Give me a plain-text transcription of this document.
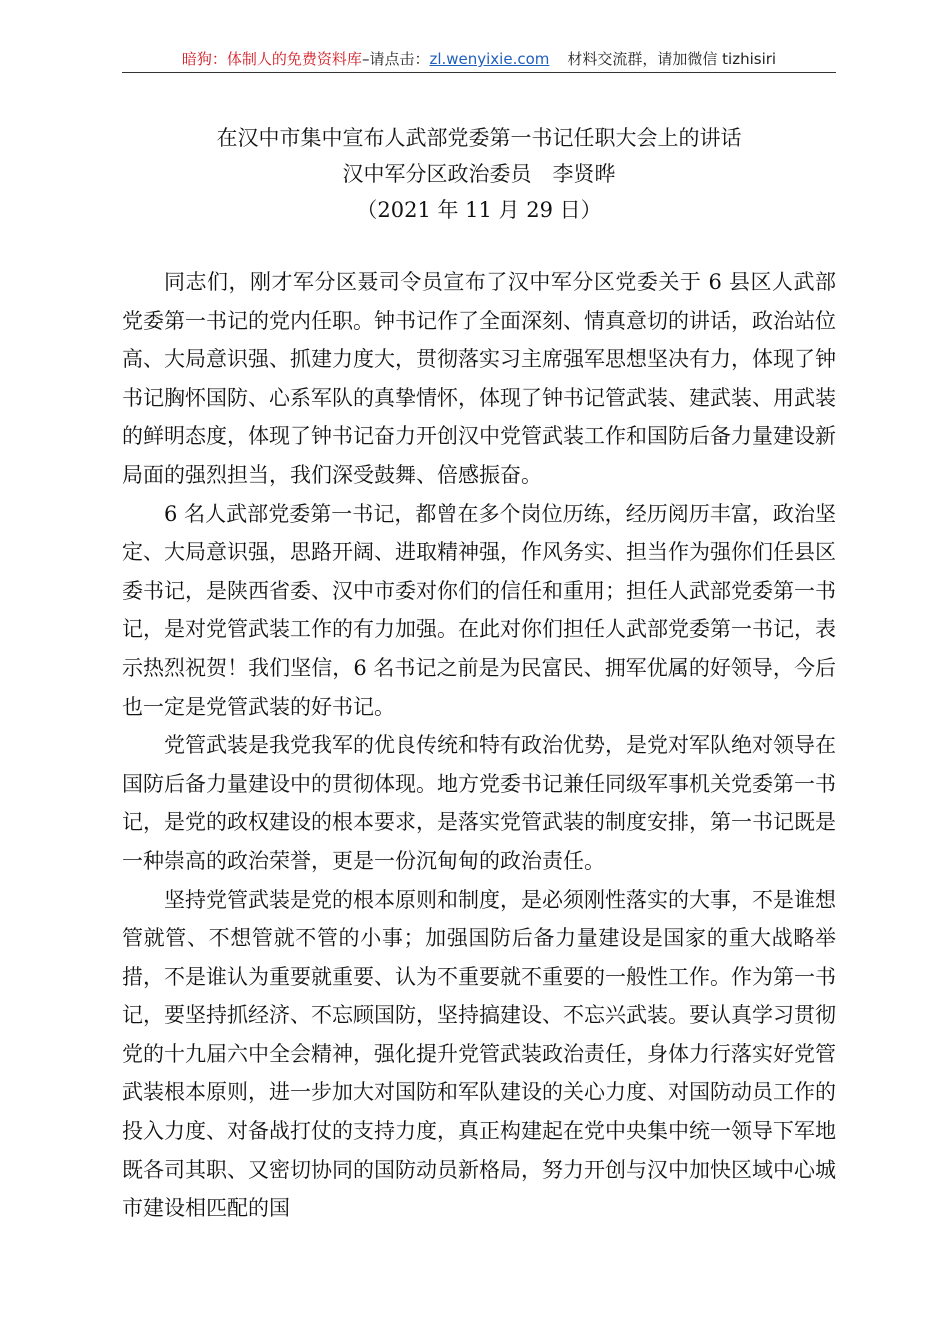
暗狗：体制人的免费资料库–请点击：zl.wenyixie.com 材料交流群，请加微信 tizhisiri
在汉中市集中宣布人武部党委第一书记任职大会上的讲话
汉中军分区政治委员　李贤晔
（2021 年 11 月 29 日）

同志们，刚才军分区聂司令员宣布了汉中军分区党委关于 6 县区人武部党委第一书记的党内任职。钟书记作了全面深刻、情真意切的讲话，政治站位高、大局意识强、抓建力度大，贯彻落实习主席强军思想坚决有力，体现了钟书记胸怀国防、心系军队的真挚情怀，体现了钟书记管武装、建武装、用武装的鲜明态度，体现了钟书记奋力开创汉中党管武装工作和国防后备力量建设新局面的强烈担当，我们深受鼓舞、倍感振奋。

6 名人武部党委第一书记，都曾在多个岗位历练，经历阅历丰富，政治坚定、大局意识强，思路开阔、进取精神强，作风务实、担当作为强你们任县区委书记，是陕西省委、汉中市委对你们的信任和重用；担任人武部党委第一书记，是对党管武装工作的有力加强。在此对你们担任人武部党委第一书记，表示热烈祝贺！我们坚信，6 名书记之前是为民富民、拥军优属的好领导，今后也一定是党管武装的好书记。

党管武装是我党我军的优良传统和特有政治优势，是党对军队绝对领导在国防后备力量建设中的贯彻体现。地方党委书记兼任同级军事机关党委第一书记，是党的政权建设的根本要求，是落实党管武装的制度安排，第一书记既是一种崇高的政治荣誉，更是一份沉甸甸的政治责任。

坚持党管武装是党的根本原则和制度，是必须刚性落实的大事，不是谁想管就管、不想管就不管的小事；加强国防后备力量建设是国家的重大战略举措，不是谁认为重要就重要、认为不重要就不重要的一般性工作。作为第一书记，要坚持抓经济、不忘顾国防，坚持搞建设、不忘兴武装。要认真学习贯彻党的十九届六中全会精神，强化提升党管武装政治责任，身体力行落实好党管武装根本原则，进一步加大对国防和军队建设的关心力度、对国防动员工作的投入力度、对备战打仗的支持力度，真正构建起在党中央集中统一领导下军地既各司其职、又密切协同的国防动员新格局，努力开创与汉中加快区域中心城市建设相匹配的国
